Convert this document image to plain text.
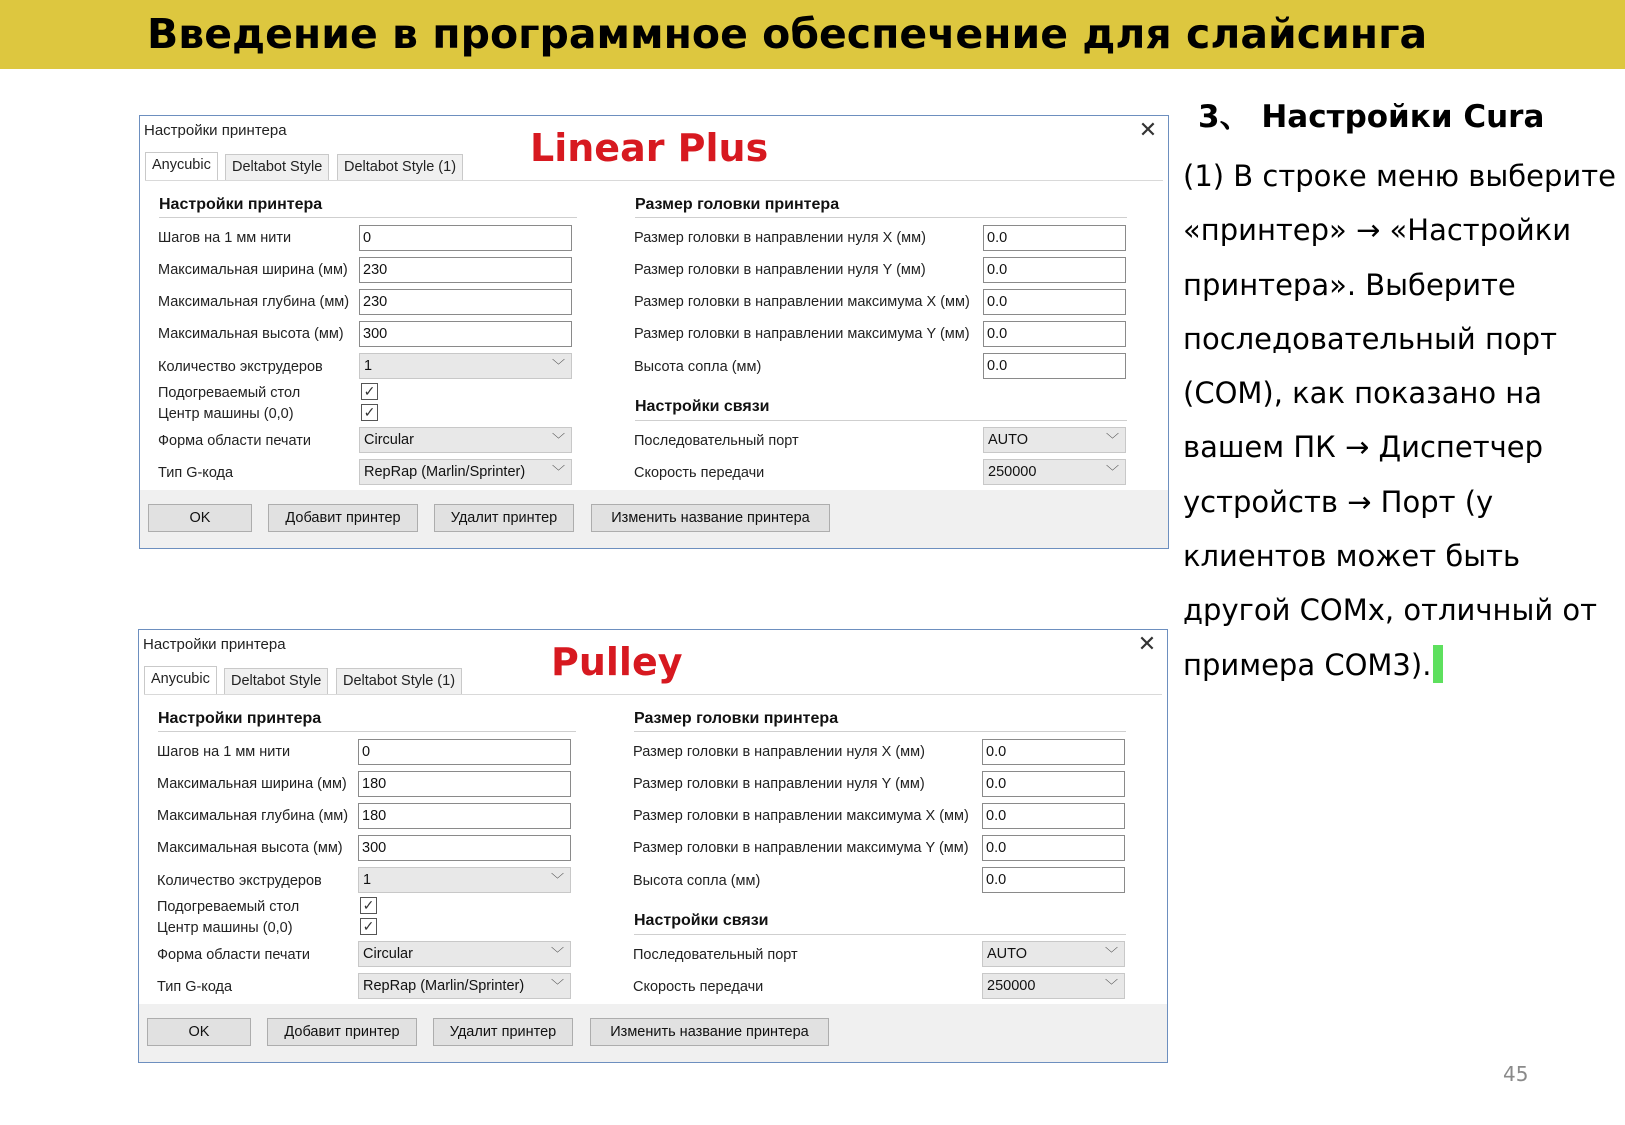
Введение в программное обеспечение для слайсинга
3、 Настройки Cura
(1) В строке меню выберите
«принтер» → «Настройки
принтера». Выберите
последовательный порт
(COM), как показано на
вашем ПК → Диспетчер
устройств → Порт (у
клиентов может быть
другой COMx, отличный от
примера COM3).
45
Настройки принтера	✕
Linear Plus
Anycubic	Deltabot Style	Deltabot Style (1)
Настройки принтера
Шагов на 1 мм нити	0
Максимальная ширина (мм) 230
Максимальная глубина (мм) 230
Максимальная высота (мм) 300
Количество экструдеров	1	﹀
Подогреваемый стол	✓
Центр машины (0,0)	✓
Форма области печати	Circular	﹀
Тип G-кода	RepRap (Marlin/Sprinter) ﹀
Размер головки принтера
Размер головки в направлении нуля X (мм)	0.0
Размер головки в направлении нуля Y (мм)	0.0
Размер головки в направлении максимума X (мм) 0.0
Размер головки в направлении максимума Y (мм) 0.0
Высота сопла (мм)	0.0
Настройки связи
Последовательный порт	AUTO	﹀
Скорость передачи	250000	﹀
OK	Добавит принтер	Удалит принтер	Изменить название принтера
Настройки принтера	✕
Pulley
Anycubic	Deltabot Style	Deltabot Style (1)
Настройки принтера
Шагов на 1 мм нити	0
Максимальная ширина (мм) 180
Максимальная глубина (мм) 180
Максимальная высота (мм) 300
Количество экструдеров	1	﹀
Подогреваемый стол	✓
Центр машины (0,0)	✓
Форма области печати	Circular	﹀
Тип G-кода	RepRap (Marlin/Sprinter) ﹀
Размер головки принтера
Размер головки в направлении нуля X (мм)	0.0
Размер головки в направлении нуля Y (мм)	0.0
Размер головки в направлении максимума X (мм) 0.0
Размер головки в направлении максимума Y (мм) 0.0
Высота сопла (мм)	0.0
Настройки связи
Последовательный порт	AUTO	﹀
Скорость передачи	250000	﹀
OK	Добавит принтер	Удалит принтер	Изменить название принтера
